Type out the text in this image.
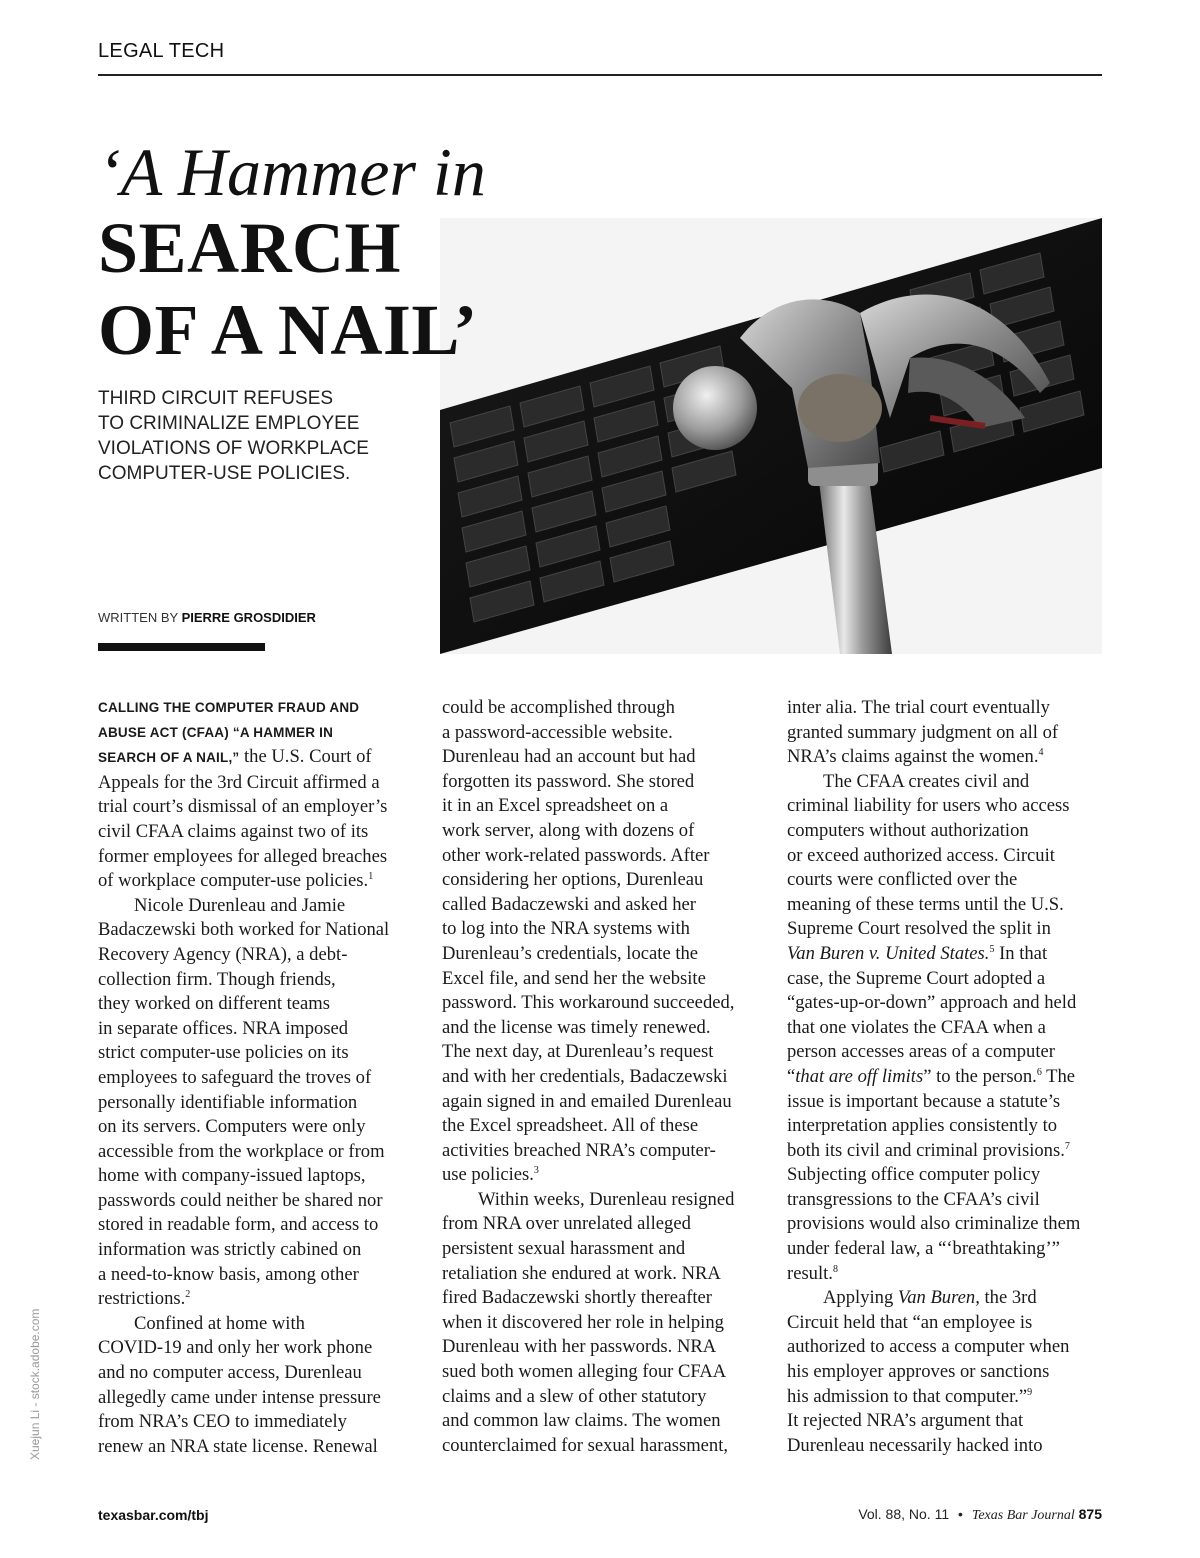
LEGAL TECH
‘A Hammer in
SEARCH
OF A NAIL’
THIRD CIRCUIT REFUSES
TO CRIMINALIZE EMPLOYEE
VIOLATIONS OF WORKPLACE
COMPUTER-USE POLICIES.
WRITTEN BY PIERRE GROSDIDIER
CALLING THE COMPUTER FRAUD AND
ABUSE ACT (CFAA) “A HAMMER IN
SEARCH OF A NAIL,” the U.S. Court of
Appeals for the 3rd Circuit affirmed a
trial court’s dismissal of an employer’s
civil CFAA claims against two of its
former employees for alleged breaches
of workplace computer-use policies.$^1$
Nicole Durenleau and Jamie
Badaczewski both worked for National
Recovery Agency (NRA), a debt-
collection firm. Though friends,
they worked on different teams
in separate offices. NRA imposed
strict computer-use policies on its
employees to safeguard the troves of
personally identifiable information
on its servers. Computers were only
accessible from the workplace or from
home with company-issued laptops,
passwords could neither be shared nor
stored in readable form, and access to
information was strictly cabined on
a need-to-know basis, among other
restrictions.$^2$
Confined at home with
COVID-19 and only her work phone
and no computer access, Durenleau
allegedly came under intense pressure
from NRA’s CEO to immediately
renew an NRA state license. Renewal
could be accomplished through
a password-accessible website.
Durenleau had an account but had
forgotten its password. She stored
it in an Excel spreadsheet on a
work server, along with dozens of
other work-related passwords. After
considering her options, Durenleau
called Badaczewski and asked her
to log into the NRA systems with
Durenleau’s credentials, locate the
Excel file, and send her the website
password. This workaround succeeded,
and the license was timely renewed.
The next day, at Durenleau’s request
and with her credentials, Badaczewski
again signed in and emailed Durenleau
the Excel spreadsheet. All of these
activities breached NRA’s computer-
use policies.$^3$
Within weeks, Durenleau resigned
from NRA over unrelated alleged
persistent sexual harassment and
retaliation she endured at work. NRA
fired Badaczewski shortly thereafter
when it discovered her role in helping
Durenleau with her passwords. NRA
sued both women alleging four CFAA
claims and a slew of other statutory
and common law claims. The women
counterclaimed for sexual harassment,
inter alia. The trial court eventually
granted summary judgment on all of
NRA’s claims against the women.$^4$
The CFAA creates civil and
criminal liability for users who access
computers without authorization
or exceed authorized access. Circuit
courts were conflicted over the
meaning of these terms until the U.S.
Supreme Court resolved the split in
Van Buren v. United States.$^5$ In that
case, the Supreme Court adopted a
“gates-up-or-down” approach and held
that one violates the CFAA when a
person accesses areas of a computer
“that are off limits” to the person.$^6$ The
issue is important because a statute’s
interpretation applies consistently to
both its civil and criminal provisions.$^7$
Subjecting office computer policy
transgressions to the CFAA’s civil
provisions would also criminalize them
under federal law, a “‘breathtaking’”
result.$^8$
Applying Van Buren, the 3rd
Circuit held that “an employee is
authorized to access a computer when
his employer approves or sanctions
his admission to that computer.”$^9$
It rejected NRA’s argument that
Durenleau necessarily hacked into
Xuejun Li - stock.adobe.com
texasbar.com/tbj	Vol. 88, No. 11 • Texas Bar Journal 875
